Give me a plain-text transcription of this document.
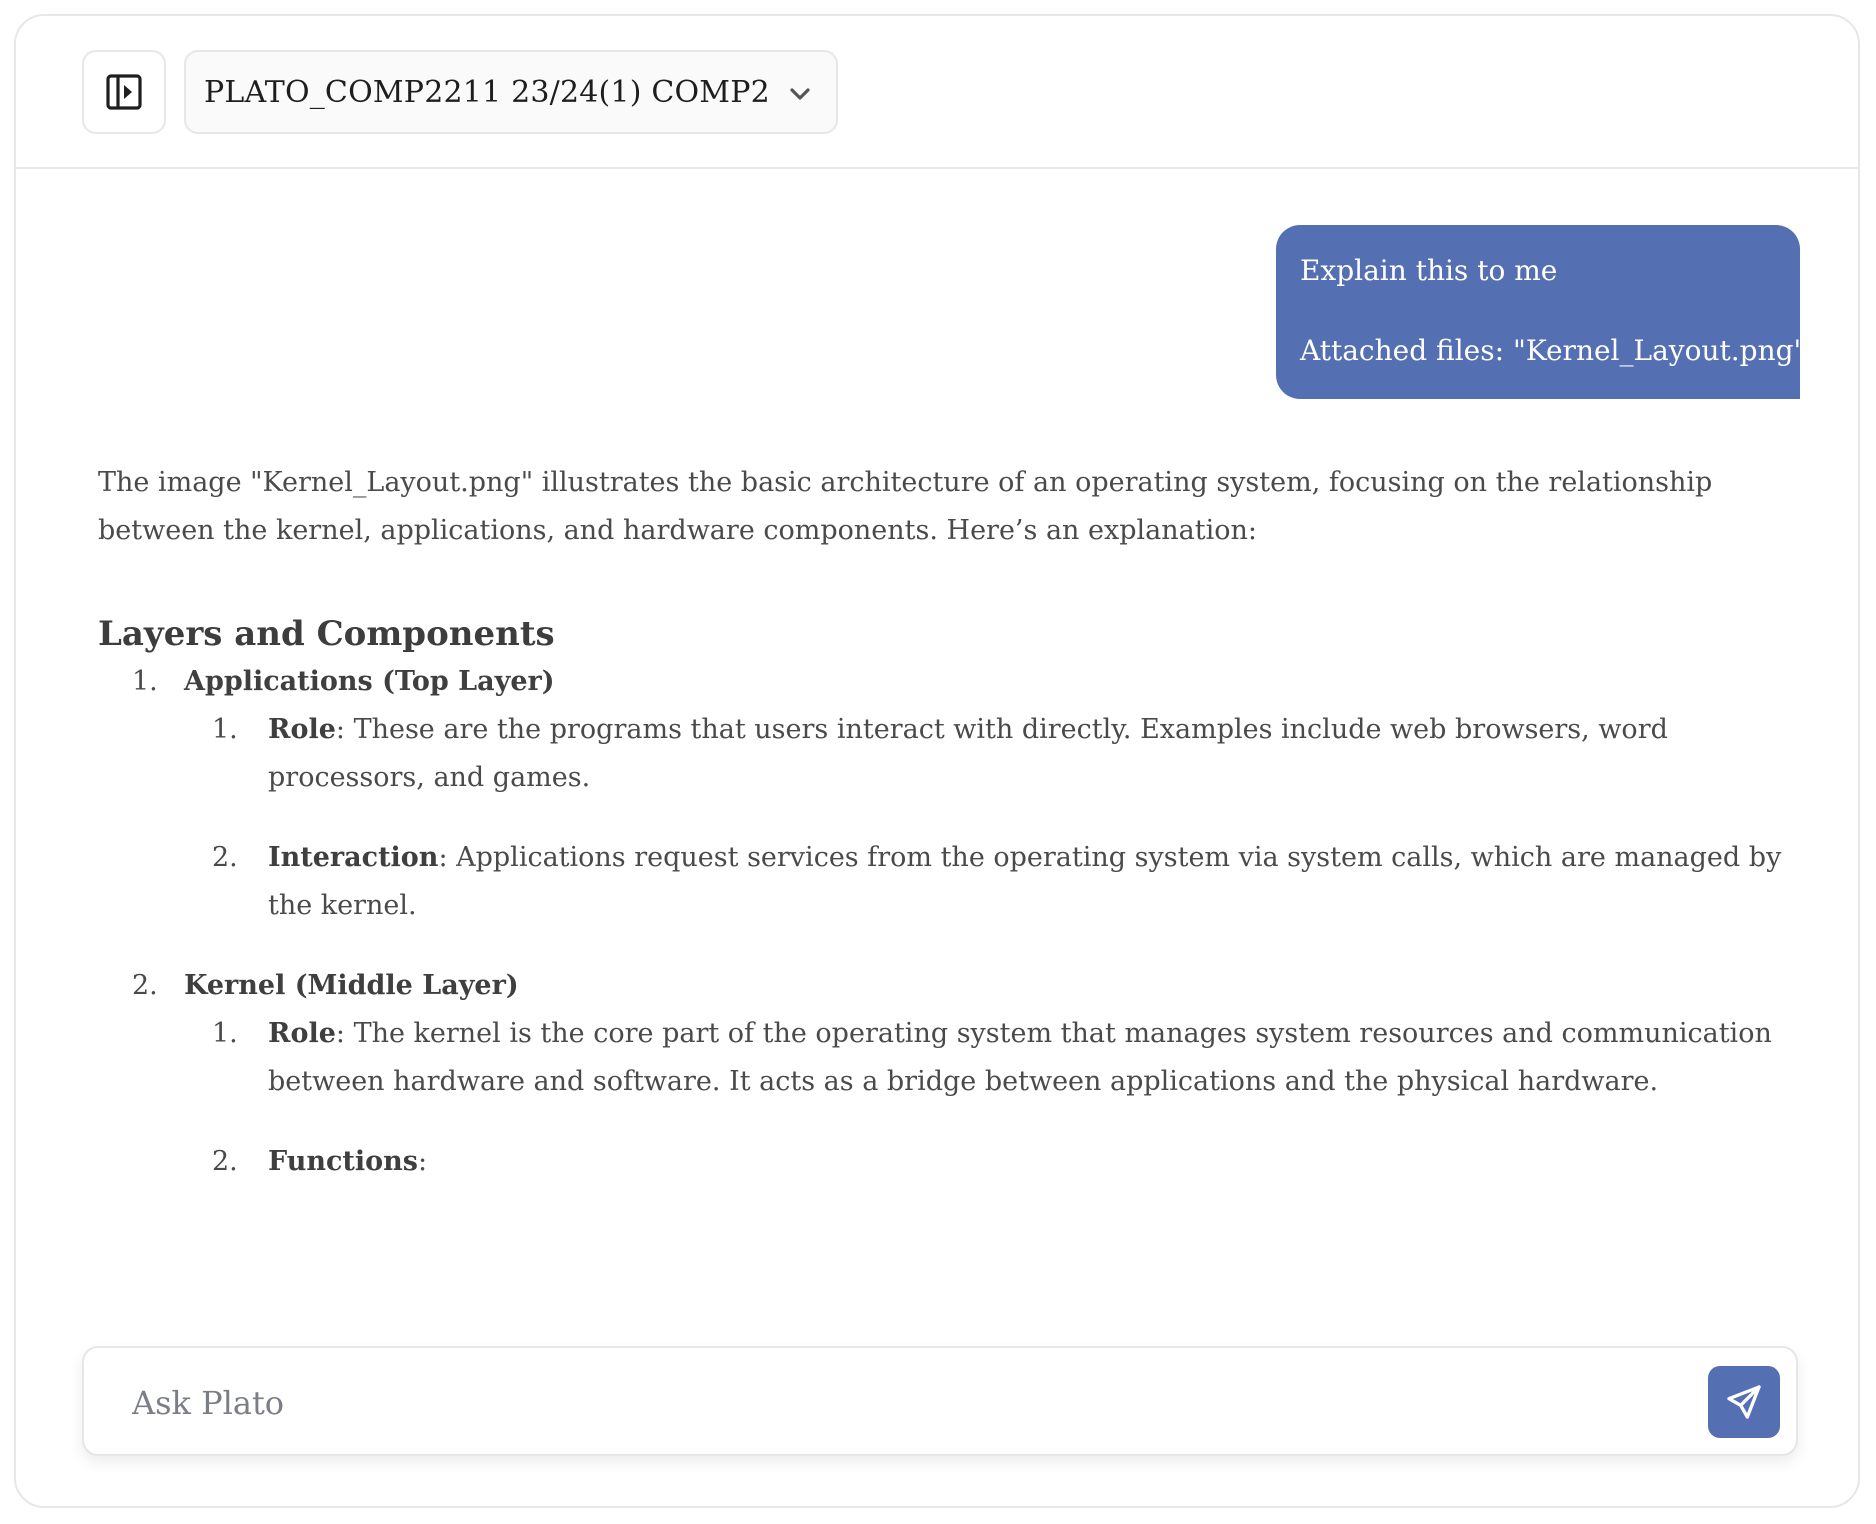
PLATO_COMP2211 23/24(1) COMP2
Explain this to me
Attached files: "Kernel_Layout.png"

The image "Kernel_Layout.png" illustrates the basic architecture of an operating system, focusing on the relationship between the kernel, applications, and hardware components. Here’s an explanation:

Layers and Components
1. Applications (Top Layer)
1. Role: These are the programs that users interact with directly. Examples include web browsers, word processors, and games.
2. Interaction: Applications request services from the operating system via system calls, which are managed by the kernel.
2. Kernel (Middle Layer)
1. Role: The kernel is the core part of the operating system that manages system resources and communication between hardware and software. It acts as a bridge between applications and the physical hardware.
2. Functions:
Ask Plato
